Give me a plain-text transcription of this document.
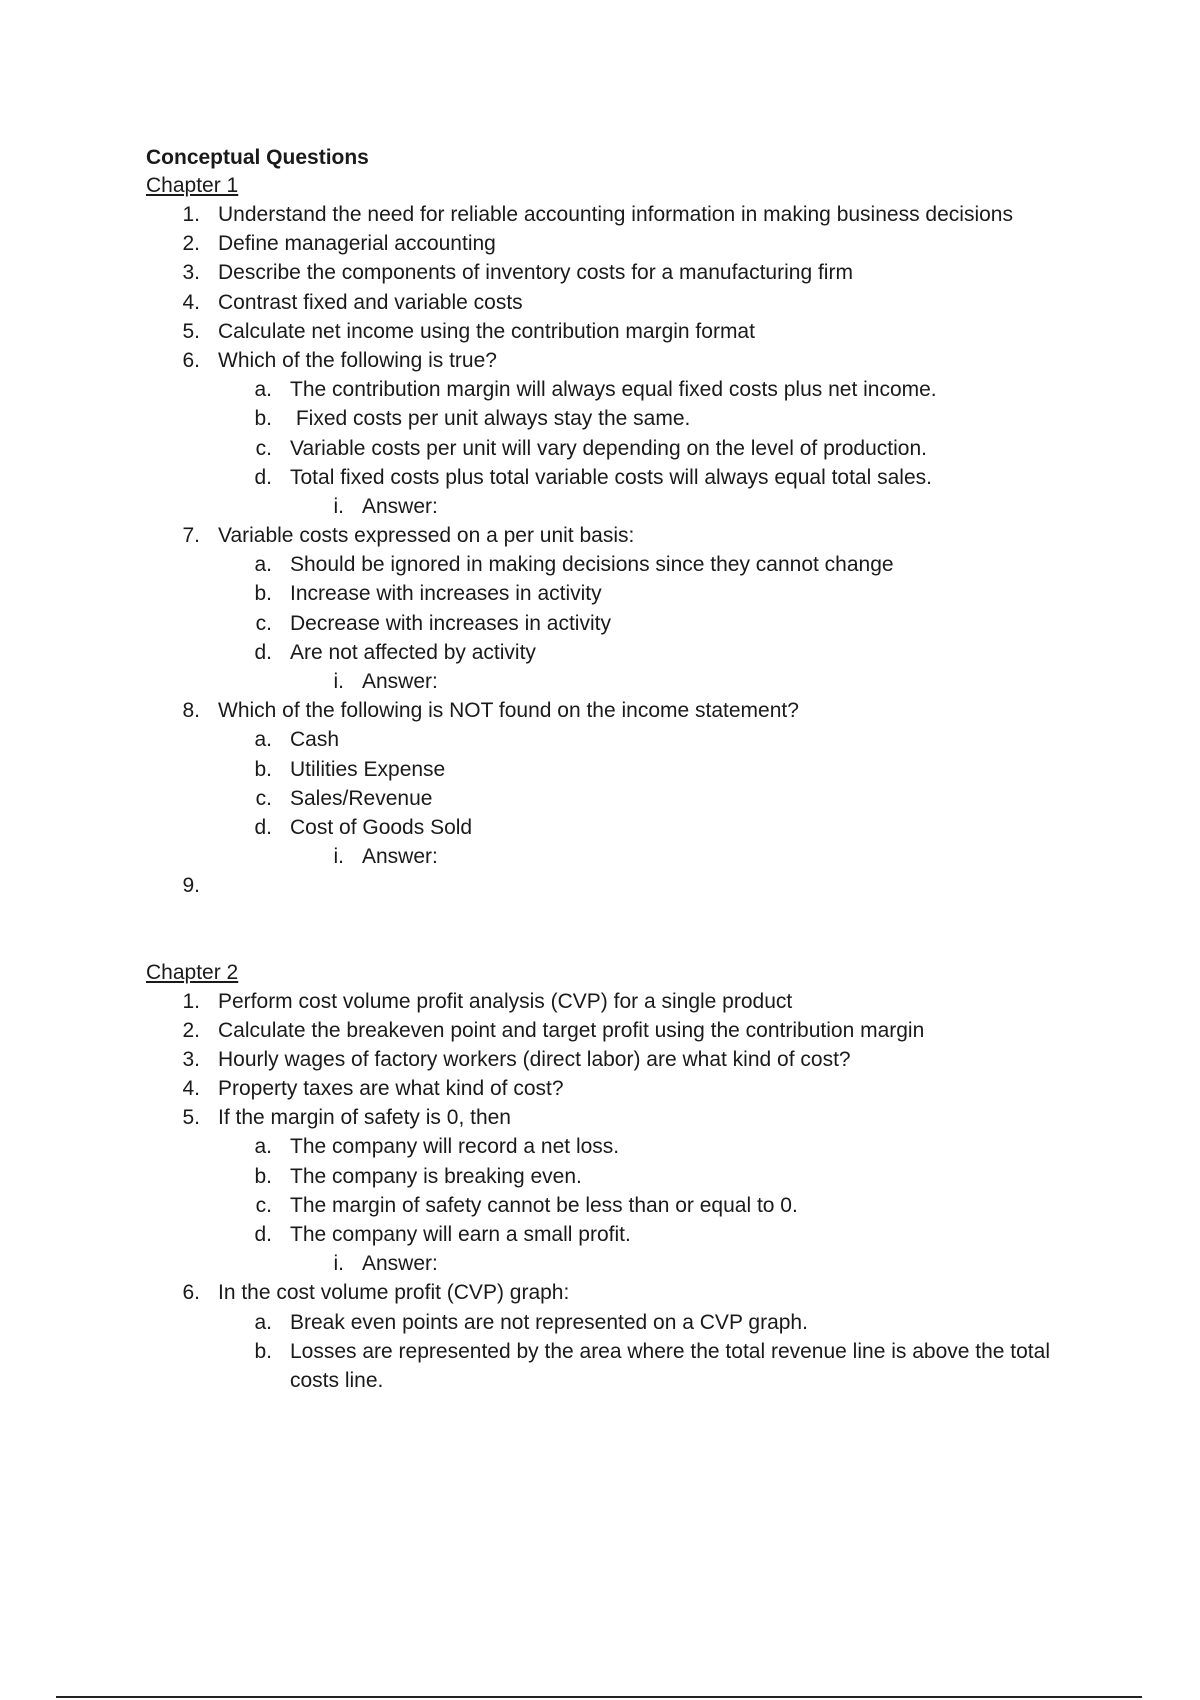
Conceptual Questions
Chapter 1
1. Understand the need for reliable accounting information in making business decisions
2. Define managerial accounting
3. Describe the components of inventory costs for a manufacturing firm
4. Contrast fixed and variable costs
5. Calculate net income using the contribution margin format
6. Which of the following is true?
a. The contribution margin will always equal fixed costs plus net income.
b. Fixed costs per unit always stay the same.
c. Variable costs per unit will vary depending on the level of production.
d. Total fixed costs plus total variable costs will always equal total sales.
i. Answer:
7. Variable costs expressed on a per unit basis:
a. Should be ignored in making decisions since they cannot change
b. Increase with increases in activity
c. Decrease with increases in activity
d. Are not affected by activity
i. Answer:
8. Which of the following is NOT found on the income statement?
a. Cash
b. Utilities Expense
c. Sales/Revenue
d. Cost of Goods Sold
i. Answer:
9.
Chapter 2
1. Perform cost volume profit analysis (CVP) for a single product
2. Calculate the breakeven point and target profit using the contribution margin
3. Hourly wages of factory workers (direct labor) are what kind of cost?
4. Property taxes are what kind of cost?
5. If the margin of safety is 0, then
a. The company will record a net loss.
b. The company is breaking even.
c. The margin of safety cannot be less than or equal to 0.
d. The company will earn a small profit.
i. Answer:
6. In the cost volume profit (CVP) graph:
a. Break even points are not represented on a CVP graph.
b. Losses are represented by the area where the total revenue line is above the total costs line.
